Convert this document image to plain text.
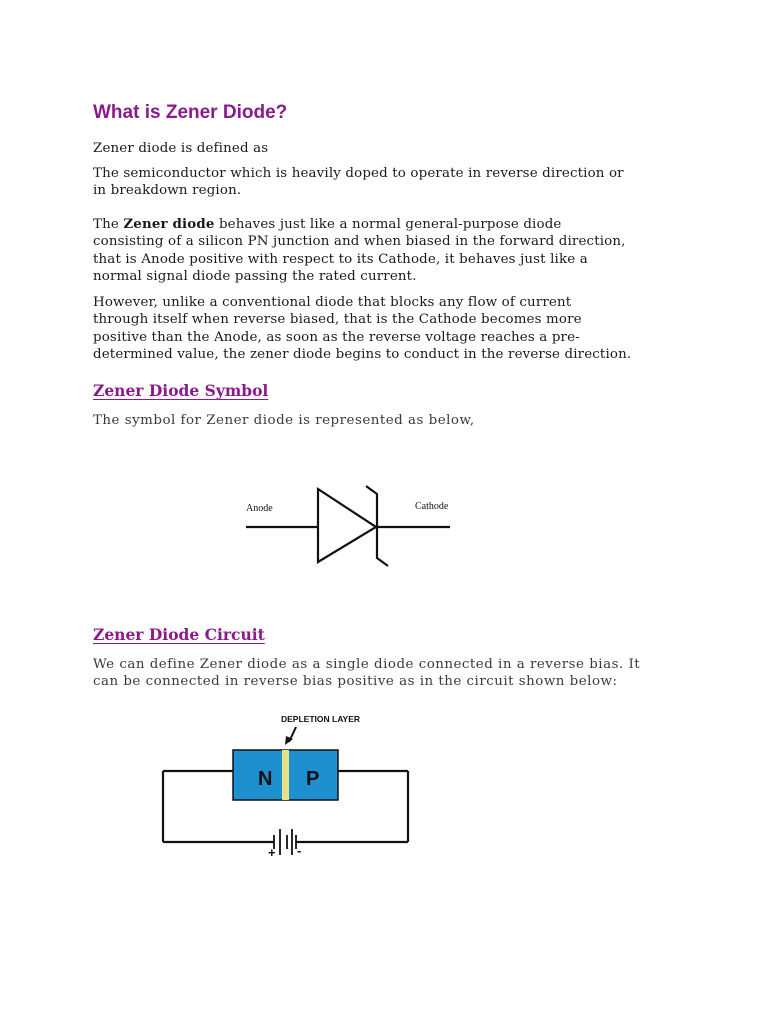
What is Zener Diode?

Zener diode is defined as

The semiconductor which is heavily doped to operate in reverse direction or
in breakdown region.

The Zener diode behaves just like a normal general-purpose diode
consisting of a silicon PN junction and when biased in the forward direction,
that is Anode positive with respect to its Cathode, it behaves just like a
normal signal diode passing the rated current.

However, unlike a conventional diode that blocks any flow of current
through itself when reverse biased, that is the Cathode becomes more
positive than the Anode, as soon as the reverse voltage reaches a pre-
determined value, the zener diode begins to conduct in the reverse direction.

Zener Diode Symbol

The symbol for Zener diode is represented as below,

Anode	Cathode
Zener Diode Circuit

We can define Zener diode as a single diode connected in a reverse bias. It
can be connected in reverse bias positive as in the circuit shown below:

N P
DEPLETION LAYER
+ -
